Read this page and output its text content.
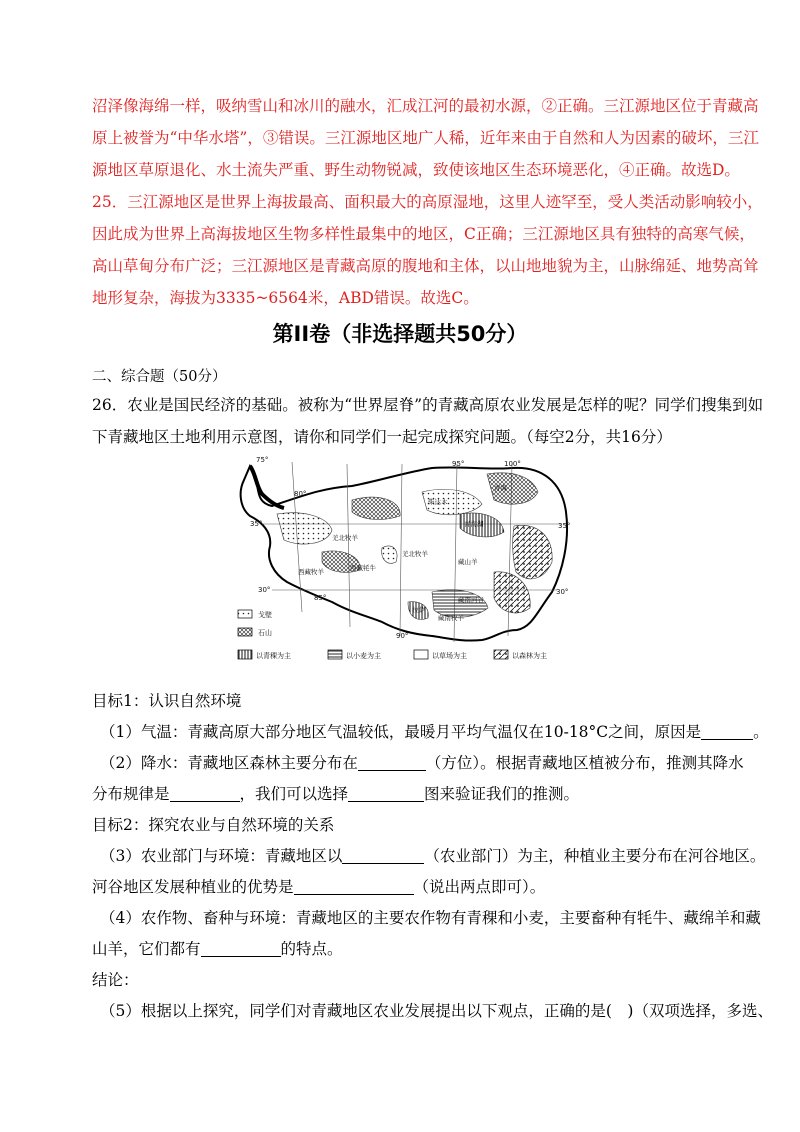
沼泽像海绵一样，吸纳雪山和冰川的融水，汇成江河的最初水源，②正确。三江源地区位于青藏高
原上被誉为“中华水塔”，③错误。三江源地区地广人稀，近年来由于自然和人为因素的破坏，三江
源地区草原退化、水土流失严重、野生动物锐减，致使该地区生态环境恶化，④正确。故选D。
25．三江源地区是世界上海拔最高、面积最大的高原湿地，这里人迹罕至，受人类活动影响较小，
因此成为世界上高海拔地区生物多样性最集中的地区，C正确；三江源地区具有独特的高寒气候，
高山草甸分布广泛；三江源地区是青藏高原的腹地和主体，以山地地貌为主，山脉绵延、地势高耸
地形复杂，海拔为3335~6564米，ABD错误。故选C。
第II卷（非选择题共50分）
二、综合题（50分）
26．农业是国民经济的基础。被称为“世界屋脊”的青藏高原农业发展是怎样的呢？同学们搜集到如
下青藏地区土地利用示意图，请你和同学们一起完成探究问题。（每空2分，共16分）
75°
80°
85°
90°
95°	100°
35°	35°
30°	30°
柴达木
青海湖
青海
羌北牧羊
羌北牧羊
西藏牧羊	西藏牦牛
藏山羊
藏南河谷
拉萨
藏南牧羊
戈壁
石山
以青稞为主	以小麦为主	以草场为主	以森林为主
目标1：认识自然环境
（1）气温：青藏高原大部分地区气温较低，最暖月平均气温仅在10-18°C之间，原因是	。
（2）降水：青藏地区森林主要分布在	（方位）。根据青藏地区植被分布，推测其降水
分布规律是	，我们可以选择	图来验证我们的推测。
目标2：探究农业与自然环境的关系
（3）农业部门与环境：青藏地区以	（农业部门）为主，种植业主要分布在河谷地区。
河谷地区发展种植业的优势是	（说出两点即可）。
（4）农作物、畜种与环境：青藏地区的主要农作物有青稞和小麦，主要畜种有牦牛、藏绵羊和藏
山羊，它们都有	的特点。
结论：
（5）根据以上探究，同学们对青藏地区农业发展提出以下观点，正确的是(　)（双项选择，多选、
